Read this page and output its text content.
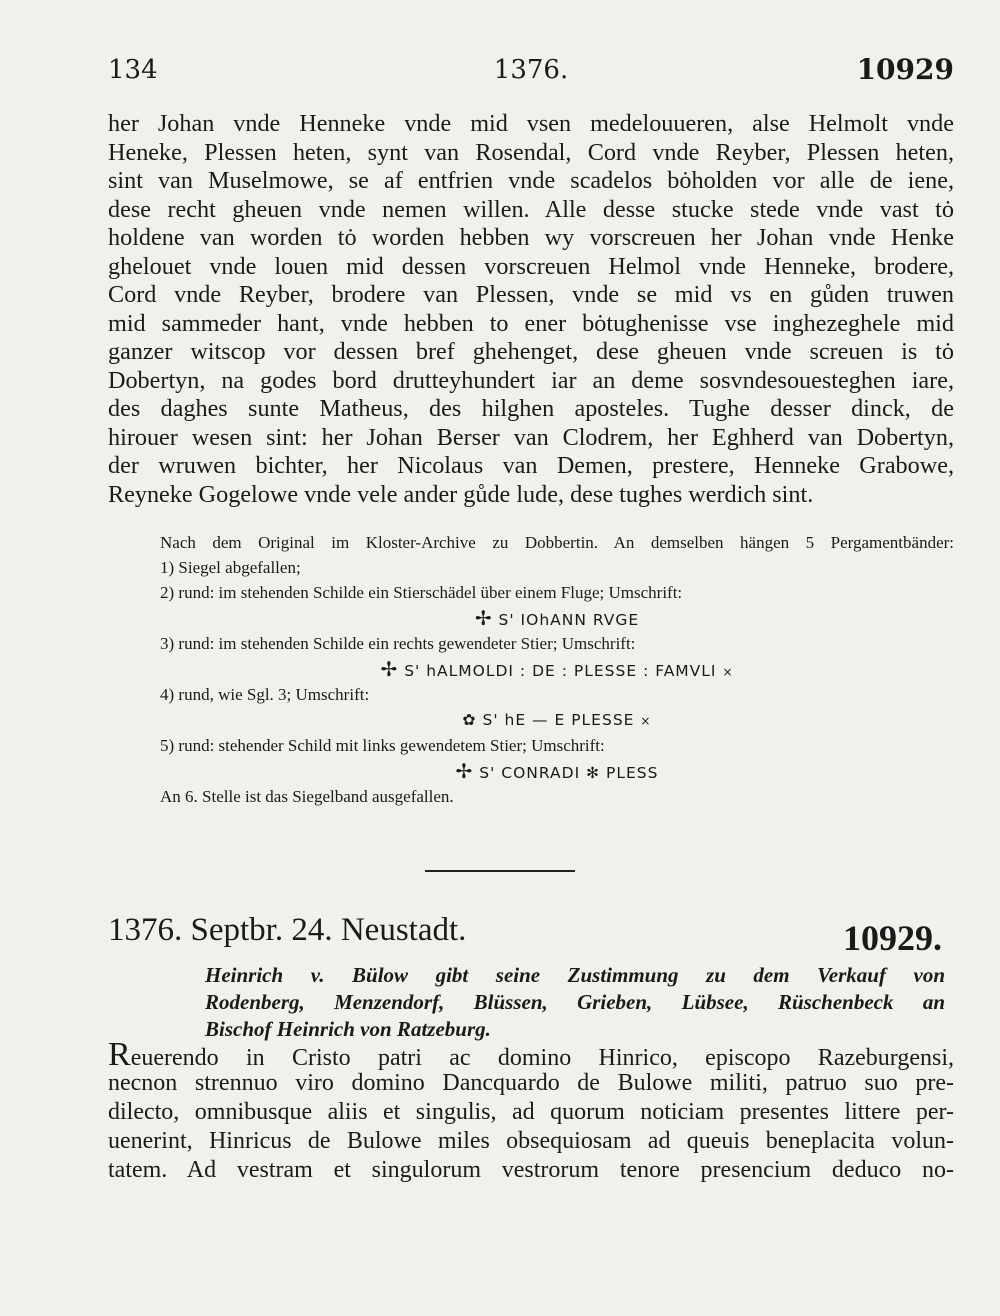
1376.
134	10929
her Johan vnde Henneke vnde mid vsen medelouueren, alse Helmolt vnde
Heneke, Plessen heten, synt van Rosendal, Cord vnde Reyber, Plessen heten,
sint van Muselmowe, se af entfrien vnde scadelos bȯholden vor alle de iene,
dese recht gheuen vnde nemen willen. Alle desse stucke stede vnde vast tȯ
holdene van worden tȯ worden hebben wy vorscreuen her Johan vnde Henke
ghelouet vnde louen mid dessen vorscreuen Helmol vnde Henneke, brodere,
Cord vnde Reyber, brodere van Plessen, vnde se mid vs en gůden truwen
mid sammeder hant, vnde hebben to ener bȯtughenisse vse inghezeghele mid
ganzer witscop vor dessen bref ghehenget, dese gheuen vnde screuen is tȯ
Dobertyn, na godes bord drutteyhundert iar an deme sosvndesouesteghen iare,
des daghes sunte Matheus, des hilghen aposteles. Tughe desser dinck, de
hirouer wesen sint: her Johan Berser van Clodrem, her Eghherd van Dobertyn,
der wruwen bichter, her Nicolaus van Demen, prestere, Henneke Grabowe,
Reyneke Gogelowe vnde vele ander gůde lude, dese tughes werdich sint.
Nach dem Original im Kloster-Archive zu Dobbertin. An demselben hängen 5 Pergamentbänder:
1) Siegel abgefallen;
2) rund: im stehenden Schilde ein Stierschädel über einem Fluge; Umschrift:
✢ S' IOhANN RVGE
3) rund: im stehenden Schilde ein rechts gewendeter Stier; Umschrift:
✢ S' hALMOLDI : DE : PLESSE : FAMVLI ×
4) rund, wie Sgl. 3; Umschrift:
✿ S' hE — E PLESSE ×
5) rund: stehender Schild mit links gewendetem Stier; Umschrift:
✢ S' CONRADI ✻ PLESS
An 6. Stelle ist das Siegelband ausgefallen.
1376. Septbr. 24. Neustadt.	10929.
Heinrich v. Bülow gibt seine Zustimmung zu dem Verkauf von
Rodenberg, Menzendorf, Blüssen, Grieben, Lübsee, Rüschenbeck an
Bischof Heinrich von Ratzeburg.
Reuerendo in Cristo patri ac domino Hinrico, episcopo Razeburgensi,
necnon strennuo viro domino Dancquardo de Bulowe militi, patruo suo pre-
dilecto, omnibusque aliis et singulis, ad quorum noticiam presentes littere per-
uenerint, Hinricus de Bulowe miles obsequiosam ad queuis beneplacita volun-
tatem. Ad vestram et singulorum vestrorum tenore presencium deduco no-
